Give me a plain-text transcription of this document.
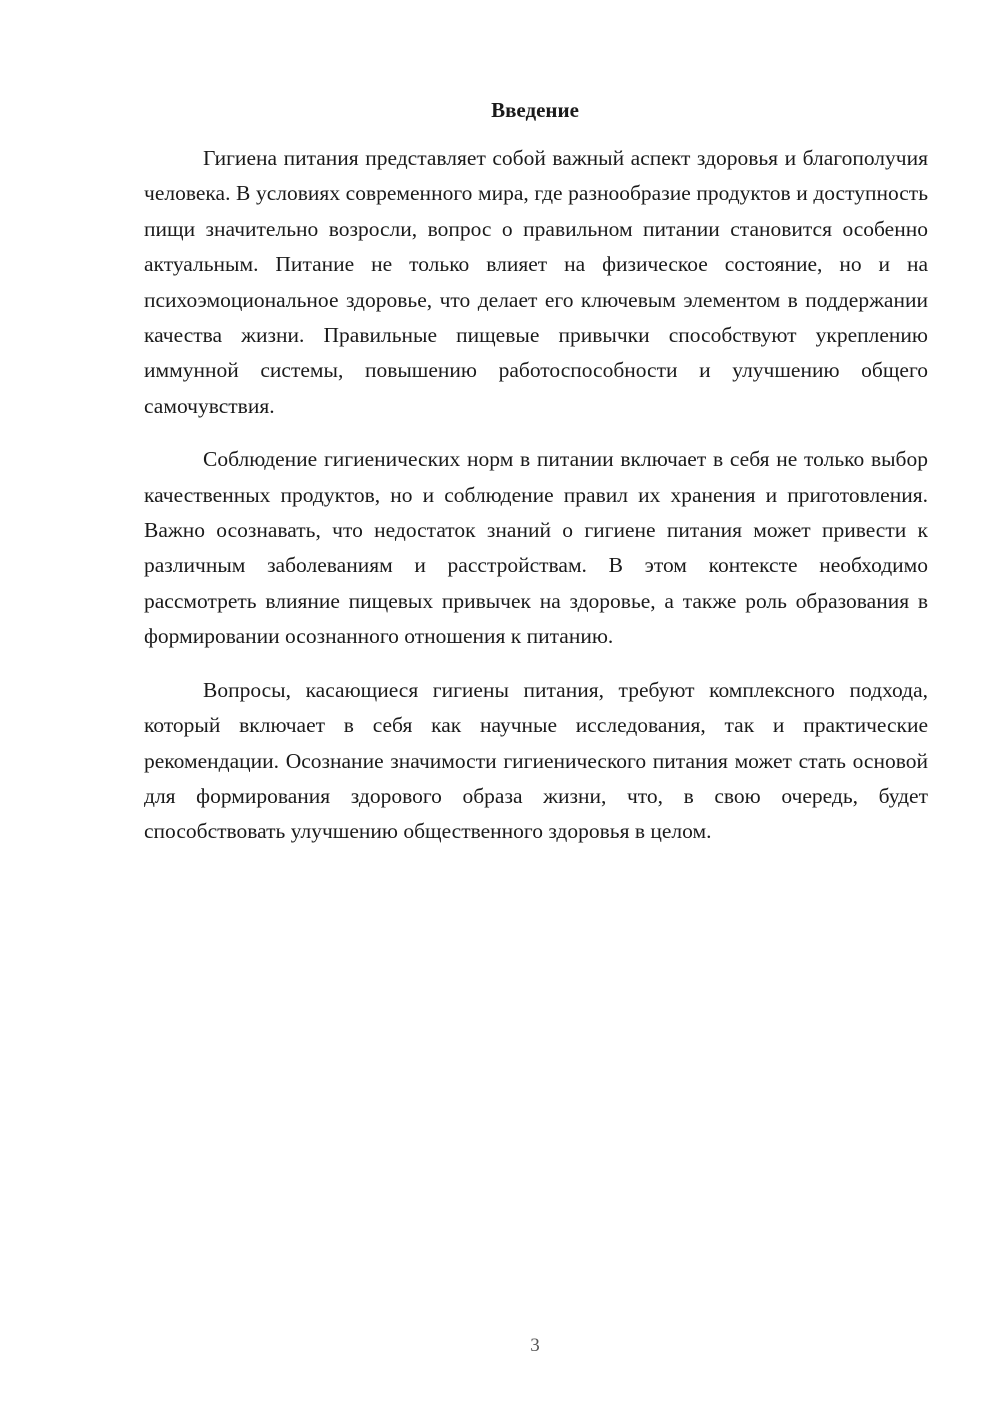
Введение

Гигиена питания представляет собой важный аспект здоровья и благополучия человека. В условиях современного мира, где разнообразие продуктов и доступность пищи значительно возросли, вопрос о правильном питании становится особенно актуальным. Питание не только влияет на физическое состояние, но и на психоэмоциональное здоровье, что делает его ключевым элементом в поддержании качества жизни. Правильные пищевые привычки способствуют укреплению иммунной системы, повышению работоспособности и улучшению общего самочувствия.

Соблюдение гигиенических норм в питании включает в себя не только выбор качественных продуктов, но и соблюдение правил их хранения и приготовления. Важно осознавать, что недостаток знаний о гигиене питания может привести к различным заболеваниям и расстройствам. В этом контексте необходимо рассмотреть влияние пищевых привычек на здоровье, а также роль образования в формировании осознанного отношения к питанию.

Вопросы, касающиеся гигиены питания, требуют комплексного подхода, который включает в себя как научные исследования, так и практические рекомендации. Осознание значимости гигиенического питания может стать основой для формирования здорового образа жизни, что, в свою очередь, будет способствовать улучшению общественного здоровья в целом.

3
